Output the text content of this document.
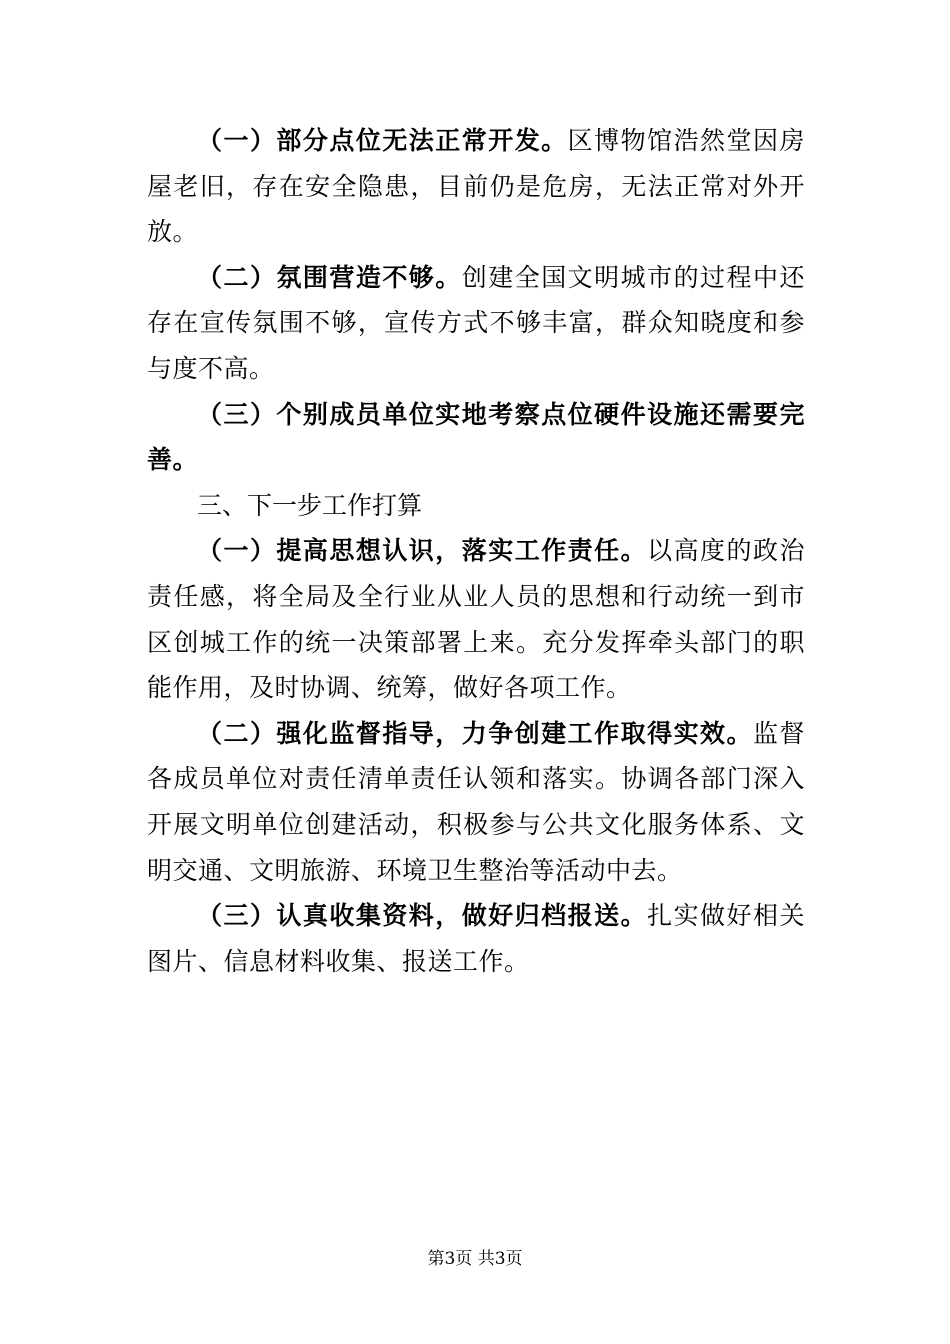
（一）部分点位无法正常开发。区博物馆浩然堂因房屋老旧，存在安全隐患，目前仍是危房，无法正常对外开放。

（二）氛围营造不够。创建全国文明城市的过程中还存在宣传氛围不够，宣传方式不够丰富，群众知晓度和参与度不高。

（三）个别成员单位实地考察点位硬件设施还需要完善。

三、下一步工作打算

（一）提高思想认识，落实工作责任。以高度的政治责任感，将全局及全行业从业人员的思想和行动统一到市区创城工作的统一决策部署上来。充分发挥牵头部门的职能作用，及时协调、统筹，做好各项工作。

（二）强化监督指导，力争创建工作取得实效。监督各成员单位对责任清单责任认领和落实。协调各部门深入开展文明单位创建活动，积极参与公共文化服务体系、文明交通、文明旅游、环境卫生整治等活动中去。

（三）认真收集资料，做好归档报送。扎实做好相关图片、信息材料收集、报送工作。

第3页 共3页
